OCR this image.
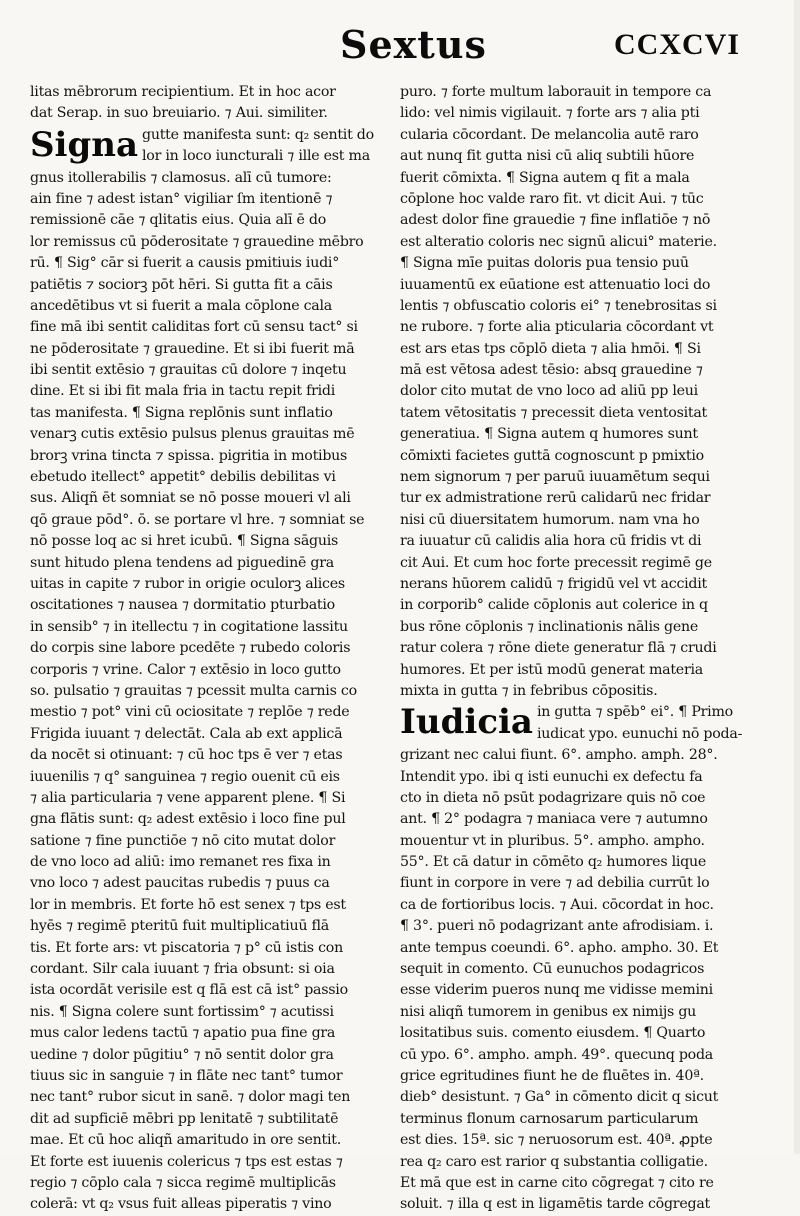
Sextus	CCXCVI
litas mēbrorum recipientium. Et in hoc acor
dat Serap. in suo breuiario. ⁊ Aui. similiter.
Signa gutte manifesta sunt: q₂ sentit do
lor in loco iuncturali ⁊ ille est ma
gnus itollerabilis ⁊ clamosus. alī cū tumore:
ain fine ⁊ adest istan° vigiliar ſm itentionē ⁊
remissionē cāe ⁊ qlitatis eius. Quia alī ē do
lor remissus cū pōderositate ⁊ grauedine mēbro
rū. ¶ Sig° cār si fuerit a causis pmitiuis iudi°
patiētis ⁊ sociorꝫ pōt hēri. Si gutta fit a cāis
ancedētibus vt si fuerit a mala cōplone cala
fine mā ibi sentit caliditas fort cū sensu tact° si
ne pōderositate ⁊ grauedine. Et si ibi fuerit mā
ibi sentit extēsio ⁊ grauitas cū dolore ⁊ inqetu
dine. Et si ibi fit mala fria in tactu repit fridi
tas manifesta. ¶ Signa replōnis sunt inflatio
venarꝫ cutis extēsio pulsus plenus grauitas mē
brorꝫ vrina tincta ⁊ spissa. pigritia in motibus
ebetudo itellect° appetit° debilis debilitas vi
sus. Aliqñ ēt somniat se nō posse moueri vl ali
qō graue pōd°. ō. se portare vl hre. ⁊ somniat se
nō posse loq ac si hret icubū. ¶ Signa sāguis
sunt hitudo plena tendens ad piguedinē gra
uitas in capite ⁊ rubor in origie oculorꝫ alices
oscitationes ⁊ nausea ⁊ dormitatio pturbatio
in sensib° ⁊ in itellectu ⁊ in cogitatione lassitu
do corpis sine labore pcedēte ⁊ rubedo coloris
corporis ⁊ vrine. Calor ⁊ extēsio in loco gutto
so. pulsatio ⁊ grauitas ⁊ pcessit multa carnis co
mestio ⁊ pot° vini cū ociositate ⁊ replōe ⁊ rede
Frigida iuuant ⁊ delectāt. Cala ab ext applicā
da nocēt si otinuant: ⁊ cū hoc tps ē ver ⁊ etas
iuuenilis ⁊ q° sanguinea ⁊ regio ouenit cū eis
⁊ alia particularia ⁊ vene apparent plene. ¶ Si
gna flātis sunt: q₂ adest extēsio i loco fine pul
satione ⁊ fine punctiōe ⁊ nō cito mutat dolor
de vno loco ad aliū: imo remanet res fixa in
vno loco ⁊ adest paucitas rubedis ⁊ puus ca
lor in membris. Et forte hō est senex ⁊ tps est
hyēs ⁊ regimē pteritū fuit multiplicatiuū flā
tis. Et forte ars: vt piscatoria ⁊ p° cū istis con
cordant. Silr cala iuuant ⁊ fria obsunt: si oia
ista ocordāt verisile est q flā est cā ist° passio
nis. ¶ Signa colere sunt fortissim° ⁊ acutissi
mus calor ledens tactū ⁊ apatio pua fine gra
uedine ⁊ dolor pūgitiu° ⁊ nō sentit dolor gra
tiuus sic in sanguie ⁊ in flāte nec tant° tumor
nec tant° rubor sicut in sanē. ⁊ dolor magi ten
dit ad supficiē mēbri pp lenitatē ⁊ subtilitatē
mae. Et cū hoc aliqñ amaritudo in ore sentit.
Et forte est iuuenis colericus ⁊ tps est estas ⁊
regio ⁊ cōplo cala ⁊ sicca regimē multiplicās
colerā: vt q₂ vsus fuit alleas piperatis ⁊ vino
puro. ⁊ forte multum laborauit in tempore ca
lido: vel nimis vigilauit. ⁊ forte ars ⁊ alia pti
cularia cōcordant. De melancolia autē raro
aut nunq fit gutta nisi cū aliq subtili hūore
fuerit cōmixta. ¶ Signa autem q fit a mala
cōplone hoc valde raro fit. vt dicit Aui. ⁊ tūc
adest dolor fine grauedie ⁊ fine inflatiōe ⁊ nō
est alteratio coloris nec signū alicui° materie.
¶ Signa mīe puitas doloris pua tensio puū
iuuamentū ex eūatione est attenuatio loci do
lentis ⁊ obfuscatio coloris ei° ⁊ tenebrositas si
ne rubore. ⁊ forte alia pticularia cōcordant vt
est ars etas tps cōplō dieta ⁊ alia hmōi. ¶ Si
mā est vētosa adest tēsio: absq grauedine ⁊
dolor cito mutat de vno loco ad aliū pp leui
tatem vētositatis ⁊ precessit dieta ventositat
generatiua. ¶ Signa autem q humores sunt
cōmixti facietes guttā cognoscunt p pmixtio
nem signorum ⁊ per paruū iuuamētum sequi
tur ex admistratione rerū calidarū nec fridar
nisi cū diuersitatem humorum. nam vna ho
ra iuuatur cū calidis alia hora cū fridis vt di
cit Aui. Et cum hoc forte precessit regimē ge
nerans hūorem calidū ⁊ frigidū vel vt accidit
in corporib° calide cōplonis aut colerice in q
bus rōne cōplonis ⁊ inclinationis nālis gene
ratur colera ⁊ rōne diete generatur flā ⁊ crudi
humores. Et per istū modū generat materia
mixta in gutta ⁊ in febribus cōpositis.
Iudicia in gutta ⁊ spēb° ei°. ¶ Primo
iudicat ypo. eunuchi nō poda-
grizant nec calui fiunt. 6°. ampho. amph. 28°.
Intendit ypo. ibi q isti eunuchi ex defectu fa
cto in dieta nō psūt podagrizare quis nō coe
ant. ¶ 2° podagra ⁊ maniaca vere ⁊ autumno
mouentur vt in pluribus. 5°. ampho. ampho.
55°. Et cā datur in cōmēto q₂ humores lique
fiunt in corpore in vere ⁊ ad debilia currūt lo
ca de fortioribus locis. ⁊ Aui. cōcordat in hoc.
¶ 3°. pueri nō podagrizant ante afrodisiam. i.
ante tempus coeundi. 6°. apho. ampho. 30. Et
sequit in comento. Cū eunuchos podagricos
esse viderim pueros nunq me vidisse memini
nisi aliqñ tumorem in genibus ex nimijs gu
lositatibus suis. comento eiusdem. ¶ Quarto
cū ypo. 6°. ampho. amph. 49°. quecunq poda
grice egritudines fiunt he de fluētes in. 40ª.
dieb° desistunt. ⁊ Ga° in cōmento dicit q sicut
terminus flonum carnosarum particularum
est dies. 15ª. sic ⁊ neruosorum est. 40ª. ꝓpte
rea q₂ caro est rarior q substantia colligatie.
Et mā que est in carne cito cōgregat ⁊ cito re
soluit. ⁊ illa q est in ligamētis tarde cōgregat
